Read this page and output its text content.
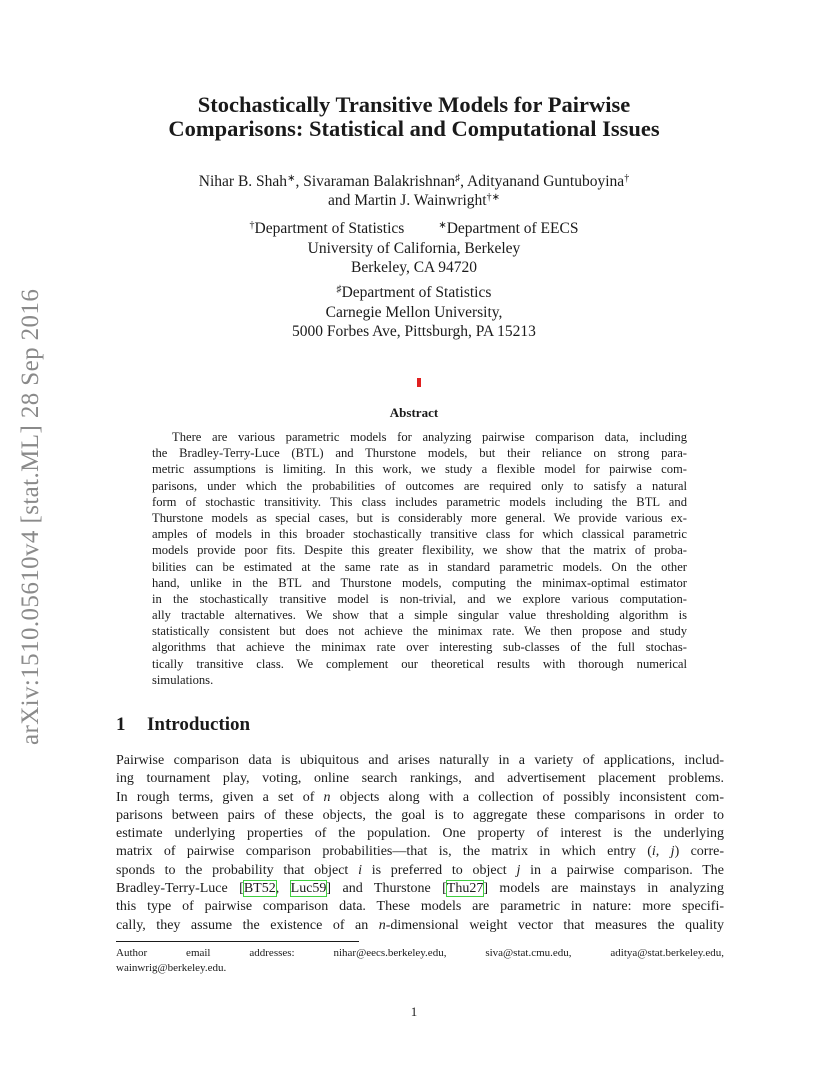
arXiv:1510.05610v4 [stat.ML] 28 Sep 2016
Stochastically Transitive Models for Pairwise
Comparisons: Statistical and Computational Issues
Nihar B. Shah∗, Sivaraman Balakrishnan♯, Adityanand Guntuboyina†
and Martin J. Wainwright†∗
†Department of Statistics	∗Department of EECS
University of California, Berkeley
Berkeley, CA 94720
♯Department of Statistics
Carnegie Mellon University,
5000 Forbes Ave, Pittsburgh, PA 15213
Abstract
There are various parametric models for analyzing pairwise comparison data, including
the Bradley-Terry-Luce (BTL) and Thurstone models, but their reliance on strong para-
metric assumptions is limiting. In this work, we study a flexible model for pairwise com-
parisons, under which the probabilities of outcomes are required only to satisfy a natural
form of stochastic transitivity. This class includes parametric models including the BTL and
Thurstone models as special cases, but is considerably more general. We provide various ex-
amples of models in this broader stochastically transitive class for which classical parametric
models provide poor fits. Despite this greater flexibility, we show that the matrix of proba-
bilities can be estimated at the same rate as in standard parametric models. On the other
hand, unlike in the BTL and Thurstone models, computing the minimax-optimal estimator
in the stochastically transitive model is non-trivial, and we explore various computation-
ally tractable alternatives. We show that a simple singular value thresholding algorithm is
statistically consistent but does not achieve the minimax rate. We then propose and study
algorithms that achieve the minimax rate over interesting sub-classes of the full stochas-
tically transitive class. We complement our theoretical results with thorough numerical
simulations.
1 Introduction
Pairwise comparison data is ubiquitous and arises naturally in a variety of applications, includ-
ing tournament play, voting, online search rankings, and advertisement placement problems.
In rough terms, given a set of n objects along with a collection of possibly inconsistent com-
parisons between pairs of these objects, the goal is to aggregate these comparisons in order to
estimate underlying properties of the population. One property of interest is the underlying
matrix of pairwise comparison probabilities—that is, the matrix in which entry (i, j) corre-
sponds to the probability that object i is preferred to object j in a pairwise comparison. The
Bradley-Terry-Luce [BT52, Luc59] and Thurstone [Thu27] models are mainstays in analyzing
this type of pairwise comparison data. These models are parametric in nature: more specifi-
cally, they assume the existence of an n-dimensional weight vector that measures the quality
Author email addresses: nihar@eecs.berkeley.edu, siva@stat.cmu.edu, aditya@stat.berkeley.edu,
wainwrig@berkeley.edu.
1
